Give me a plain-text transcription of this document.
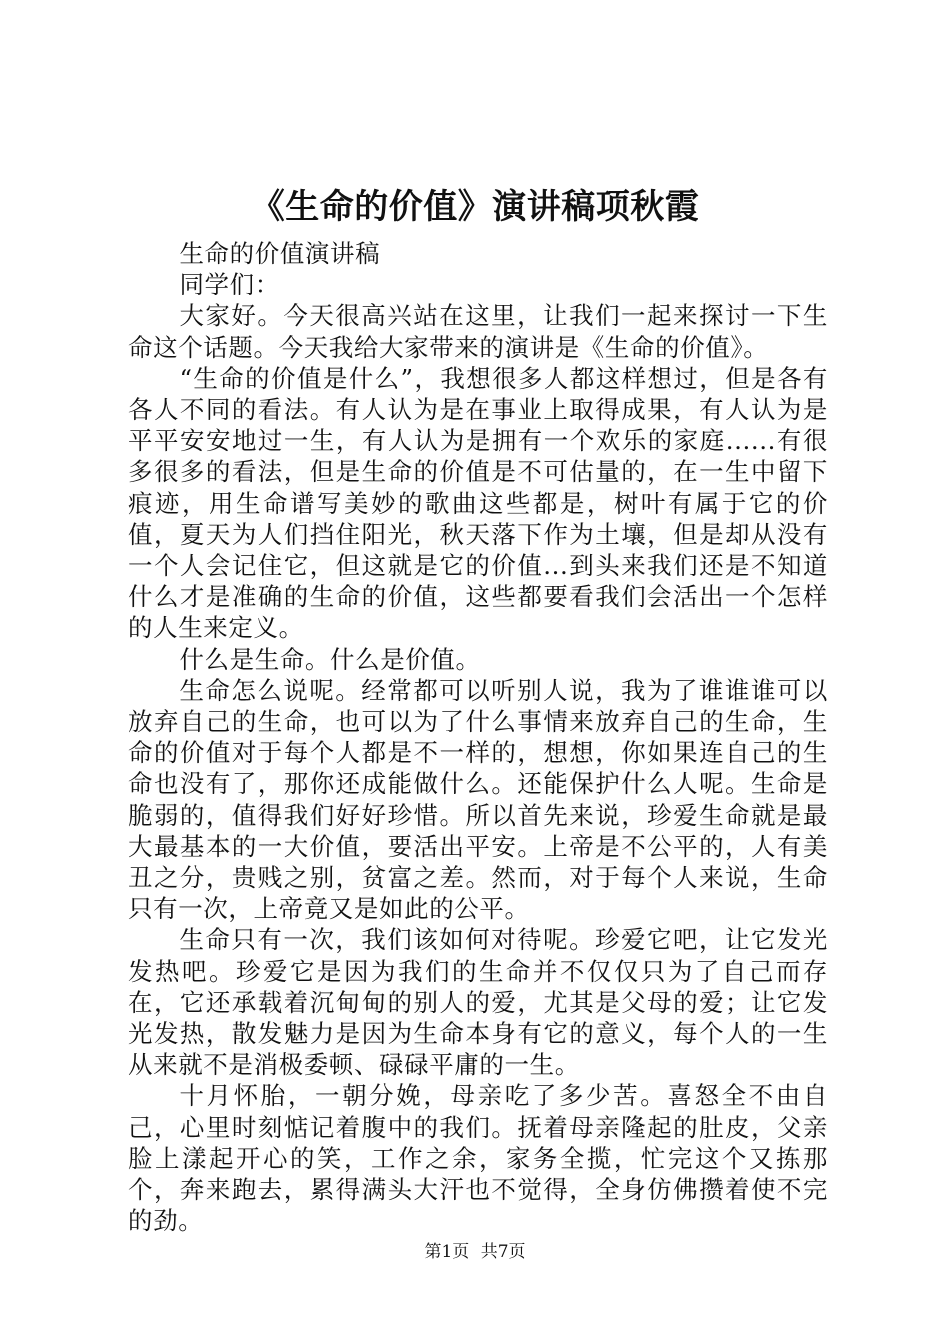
《生命的价值》演讲稿项秋霞

生命的价值演讲稿

同学们：

大家好。今天很高兴站在这里，让我们一起来探讨一下生命这个话题。今天我给大家带来的演讲是《生命的价值》。

“生命的价值是什么”，我想很多人都这样想过，但是各有各人不同的看法。有人认为是在事业上取得成果，有人认为是平平安安地过一生，有人认为是拥有一个欢乐的家庭......有很多很多的看法，但是生命的价值是不可估量的，在一生中留下痕迹，用生命谱写美妙的歌曲这些都是，树叶有属于它的价值，夏天为人们挡住阳光，秋天落下作为土壤，但是却从没有一个人会记住它，但这就是它的价值...到头来我们还是不知道什么才是准确的生命的价值，这些都要看我们会活出一个怎样的人生来定义。

什么是生命。什么是价值。

生命怎么说呢。经常都可以听别人说，我为了谁谁谁可以放弃自己的生命，也可以为了什么事情来放弃自己的生命，生命的价值对于每个人都是不一样的，想想，你如果连自己的生命也没有了，那你还成能做什么。还能保护什么人呢。生命是脆弱的，值得我们好好珍惜。所以首先来说，珍爱生命就是最大最基本的一大价值，要活出平安。上帝是不公平的，人有美丑之分，贵贱之别，贫富之差。然而，对于每个人来说，生命只有一次，上帝竟又是如此的公平。

生命只有一次，我们该如何对待呢。珍爱它吧，让它发光发热吧。珍爱它是因为我们的生命并不仅仅只为了自己而存在，它还承载着沉甸甸的别人的爱，尤其是父母的爱；让它发光发热，散发魅力是因为生命本身有它的意义，每个人的一生从来就不是消极委顿、碌碌平庸的一生。

十月怀胎，一朝分娩，母亲吃了多少苦。喜怒全不由自己，心里时刻惦记着腹中的我们。抚着母亲隆起的肚皮，父亲脸上漾起开心的笑，工作之余，家务全揽，忙完这个又拣那个，奔来跑去，累得满头大汗也不觉得，全身仿佛攒着使不完的劲。

第1页 共7页
